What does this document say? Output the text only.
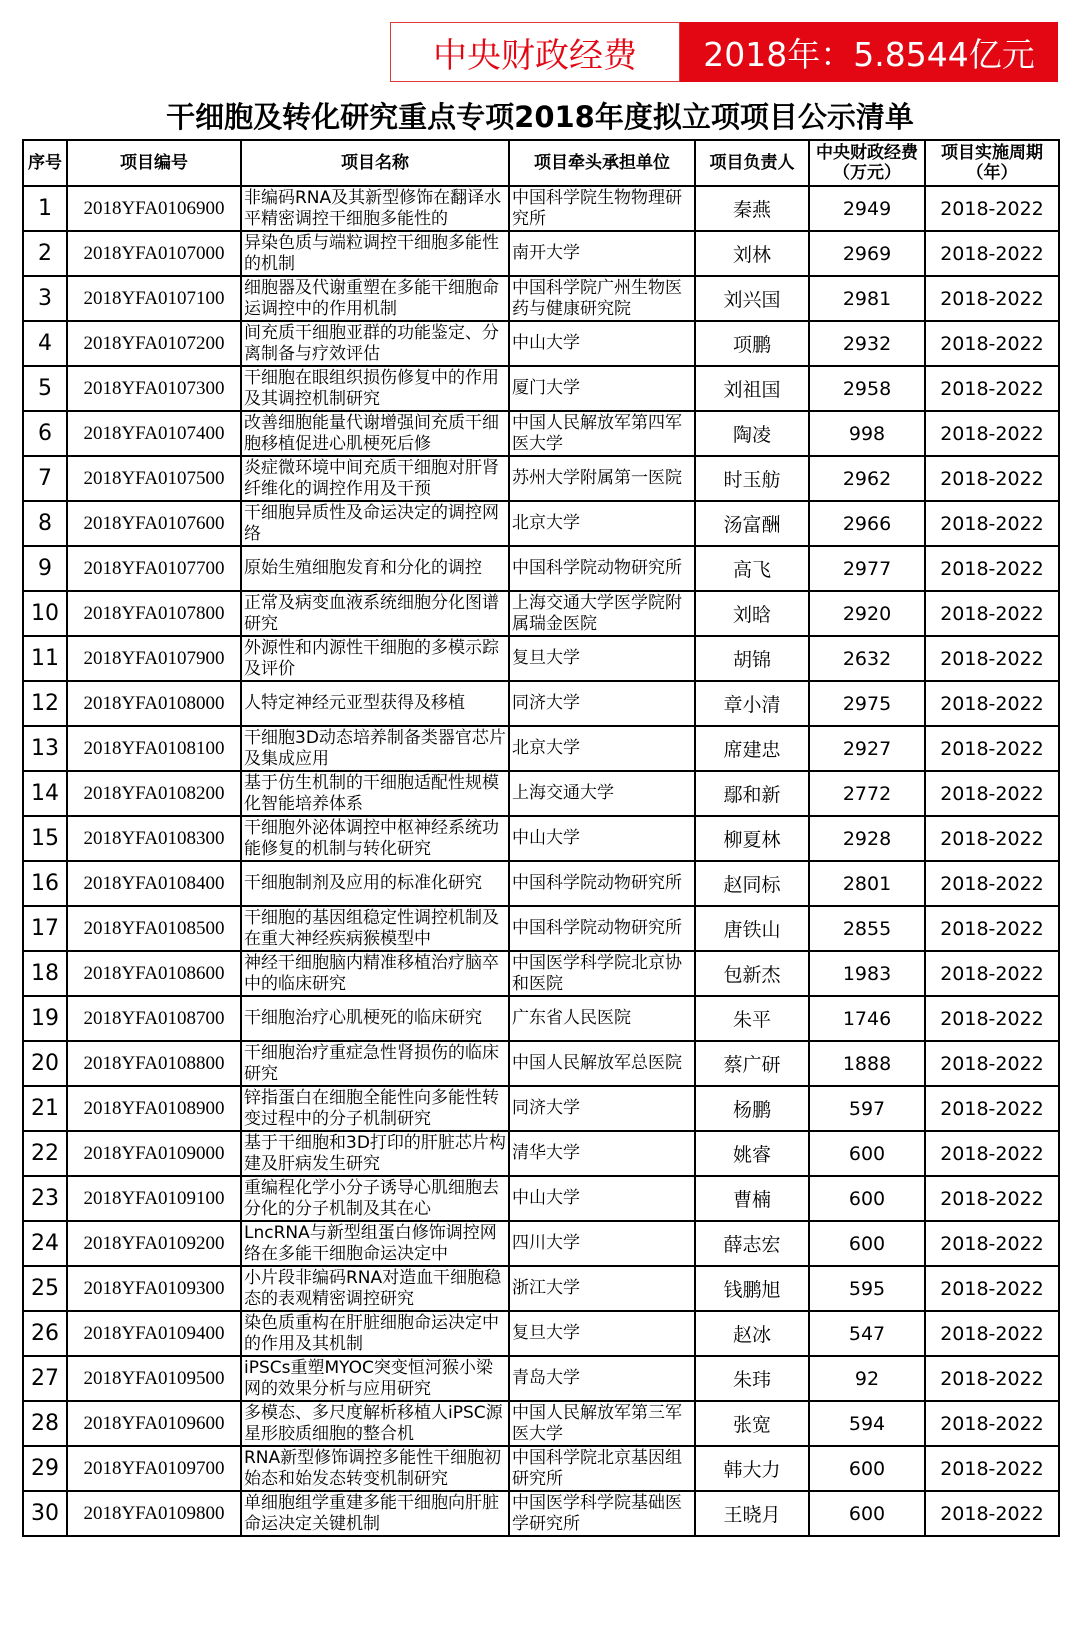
中央财政经费	2018年：5.8544亿元
干细胞及转化研究重点专项2018年度拟立项项目公示清单
序号	项目编号	项目名称	项目牵头承担单位	项目负责人	中央财政经费（万元）	项目实施周期（年）
1	2018YFA0106900	非编码RNA及其新型修饰在翻译水平精密调控干细胞多能性的	中国科学院生物物理研究所	秦燕	2949	2018-2022
2	2018YFA0107000	异染色质与端粒调控干细胞多能性的机制	南开大学	刘林	2969	2018-2022
3	2018YFA0107100	细胞器及代谢重塑在多能干细胞命运调控中的作用机制	中国科学院广州生物医药与健康研究院	刘兴国	2981	2018-2022
4	2018YFA0107200	间充质干细胞亚群的功能鉴定、分离制备与疗效评估	中山大学	项鹏	2932	2018-2022
5	2018YFA0107300	干细胞在眼组织损伤修复中的作用及其调控机制研究	厦门大学	刘祖国	2958	2018-2022
6	2018YFA0107400	改善细胞能量代谢增强间充质干细胞移植促进心肌梗死后修	中国人民解放军第四军医大学	陶凌	998	2018-2022
7	2018YFA0107500	炎症微环境中间充质干细胞对肝肾纤维化的调控作用及干预	苏州大学附属第一医院	时玉舫	2962	2018-2022
8	2018YFA0107600	干细胞异质性及命运决定的调控网络	北京大学	汤富酬	2966	2018-2022
9	2018YFA0107700	原始生殖细胞发育和分化的调控	中国科学院动物研究所	高飞	2977	2018-2022
10	2018YFA0107800	正常及病变血液系统细胞分化图谱研究	上海交通大学医学院附属瑞金医院	刘晗	2920	2018-2022
11	2018YFA0107900	外源性和内源性干细胞的多模示踪及评价	复旦大学	胡锦	2632	2018-2022
12	2018YFA0108000	人特定神经元亚型获得及移植	同济大学	章小清	2975	2018-2022
13	2018YFA0108100	干细胞3D动态培养制备类器官芯片及集成应用	北京大学	席建忠	2927	2018-2022
14	2018YFA0108200	基于仿生机制的干细胞适配性规模化智能培养体系	上海交通大学	鄢和新	2772	2018-2022
15	2018YFA0108300	干细胞外泌体调控中枢神经系统功能修复的机制与转化研究	中山大学	柳夏林	2928	2018-2022
16	2018YFA0108400	干细胞制剂及应用的标准化研究	中国科学院动物研究所	赵同标	2801	2018-2022
17	2018YFA0108500	干细胞的基因组稳定性调控机制及在重大神经疾病猴模型中	中国科学院动物研究所	唐铁山	2855	2018-2022
18	2018YFA0108600	神经干细胞脑内精准移植治疗脑卒中的临床研究	中国医学科学院北京协和医院	包新杰	1983	2018-2022
19	2018YFA0108700	干细胞治疗心肌梗死的临床研究	广东省人民医院	朱平	1746	2018-2022
20	2018YFA0108800	干细胞治疗重症急性肾损伤的临床研究	中国人民解放军总医院	蔡广研	1888	2018-2022
21	2018YFA0108900	锌指蛋白在细胞全能性向多能性转变过程中的分子机制研究	同济大学	杨鹏	597	2018-2022
22	2018YFA0109000	基于干细胞和3D打印的肝脏芯片构建及肝病发生研究	清华大学	姚睿	600	2018-2022
23	2018YFA0109100	重编程化学小分子诱导心肌细胞去分化的分子机制及其在心	中山大学	曹楠	600	2018-2022
24	2018YFA0109200	LncRNA与新型组蛋白修饰调控网络在多能干细胞命运决定中	四川大学	薛志宏	600	2018-2022
25	2018YFA0109300	小片段非编码RNA对造血干细胞稳态的表观精密调控研究	浙江大学	钱鹏旭	595	2018-2022
26	2018YFA0109400	染色质重构在肝脏细胞命运决定中的作用及其机制	复旦大学	赵冰	547	2018-2022
27	2018YFA0109500	iPSCs重塑MYOC突变恒河猴小梁网的效果分析与应用研究	青岛大学	朱玮	92	2018-2022
28	2018YFA0109600	多模态、多尺度解析移植人iPSC源星形胶质细胞的整合机	中国人民解放军第三军医大学	张宽	594	2018-2022
29	2018YFA0109700	RNA新型修饰调控多能性干细胞初始态和始发态转变机制研究	中国科学院北京基因组研究所	韩大力	600	2018-2022
30	2018YFA0109800	单细胞组学重建多能干细胞向肝脏命运决定关键机制	中国医学科学院基础医学研究所	王晓月	600	2018-2022
